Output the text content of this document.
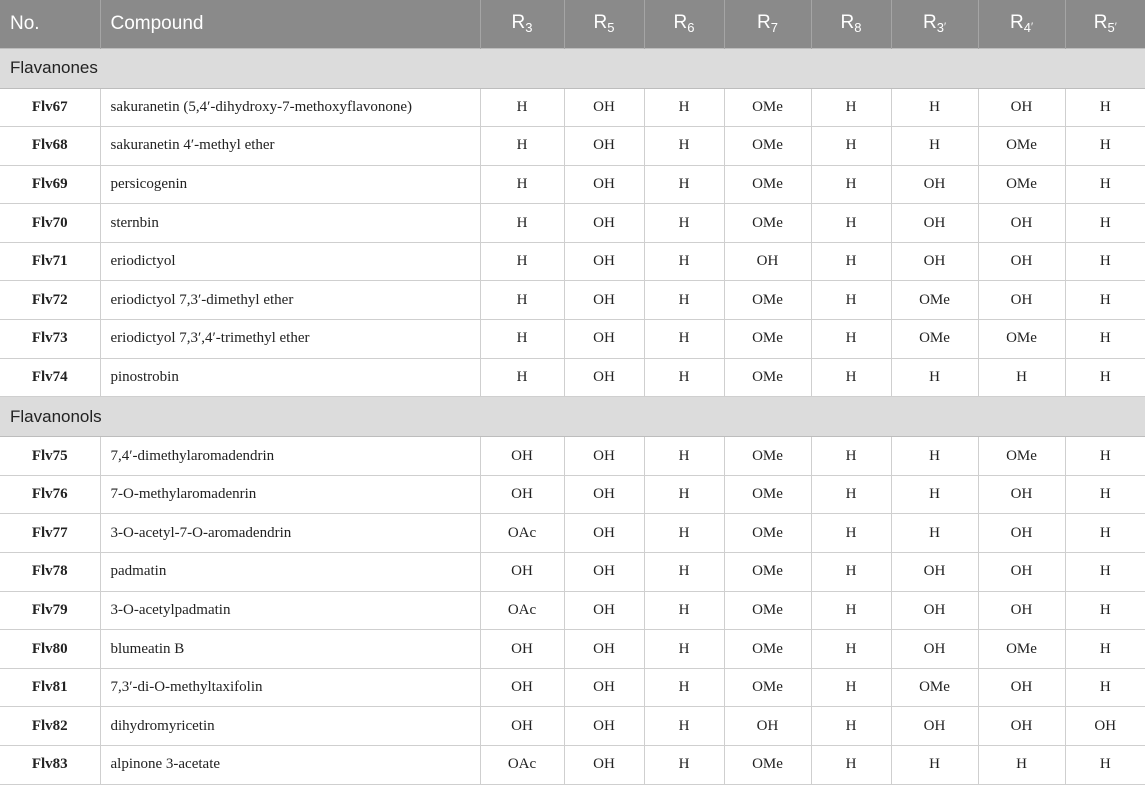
No.	Compound	$R_3$	$R_5$	$R_6$	$R_7$	$R_8$	$R_{3'}$	$R_{4'}$	$R_{5'}$
Flavanones									
Flv67	sakuranetin (5,4′-dihydroxy-7-methoxyflavonone)	H	OH	H	OMe	H	H	OH	H
Flv68	sakuranetin 4′-methyl ether	H	OH	H	OMe	H	H	OMe	H
Flv69	persicogenin	H	OH	H	OMe	H	OH	OMe	H
Flv70	sternbin	H	OH	H	OMe	H	OH	OH	H
Flv71	eriodictyol	H	OH	H	OH	H	OH	OH	H
Flv72	eriodictyol 7,3′-dimethyl ether	H	OH	H	OMe	H	OMe	OH	H
Flv73	eriodictyol 7,3′,4′-trimethyl ether	H	OH	H	OMe	H	OMe	OMe	H
Flv74	pinostrobin	H	OH	H	OMe	H	H	H	H
Flavanonols									
Flv75	7,4′-dimethylaromadendrin	OH	OH	H	OMe	H	H	OMe	H
Flv76	7-O-methylaromadenrin	OH	OH	H	OMe	H	H	OH	H
Flv77	3-O-acetyl-7-O-aromadendrin	OAc	OH	H	OMe	H	H	OH	H
Flv78	padmatin	OH	OH	H	OMe	H	OH	OH	H
Flv79	3-O-acetylpadmatin	OAc	OH	H	OMe	H	OH	OH	H
Flv80	blumeatin B	OH	OH	H	OMe	H	OH	OMe	H
Flv81	7,3′-di-O-methyltaxifolin	OH	OH	H	OMe	H	OMe	OH	H
Flv82	dihydromyricetin	OH	OH	H	OH	H	OH	OH	OH
Flv83	alpinone 3-acetate	OAc	OH	H	OMe	H	H	H	H
